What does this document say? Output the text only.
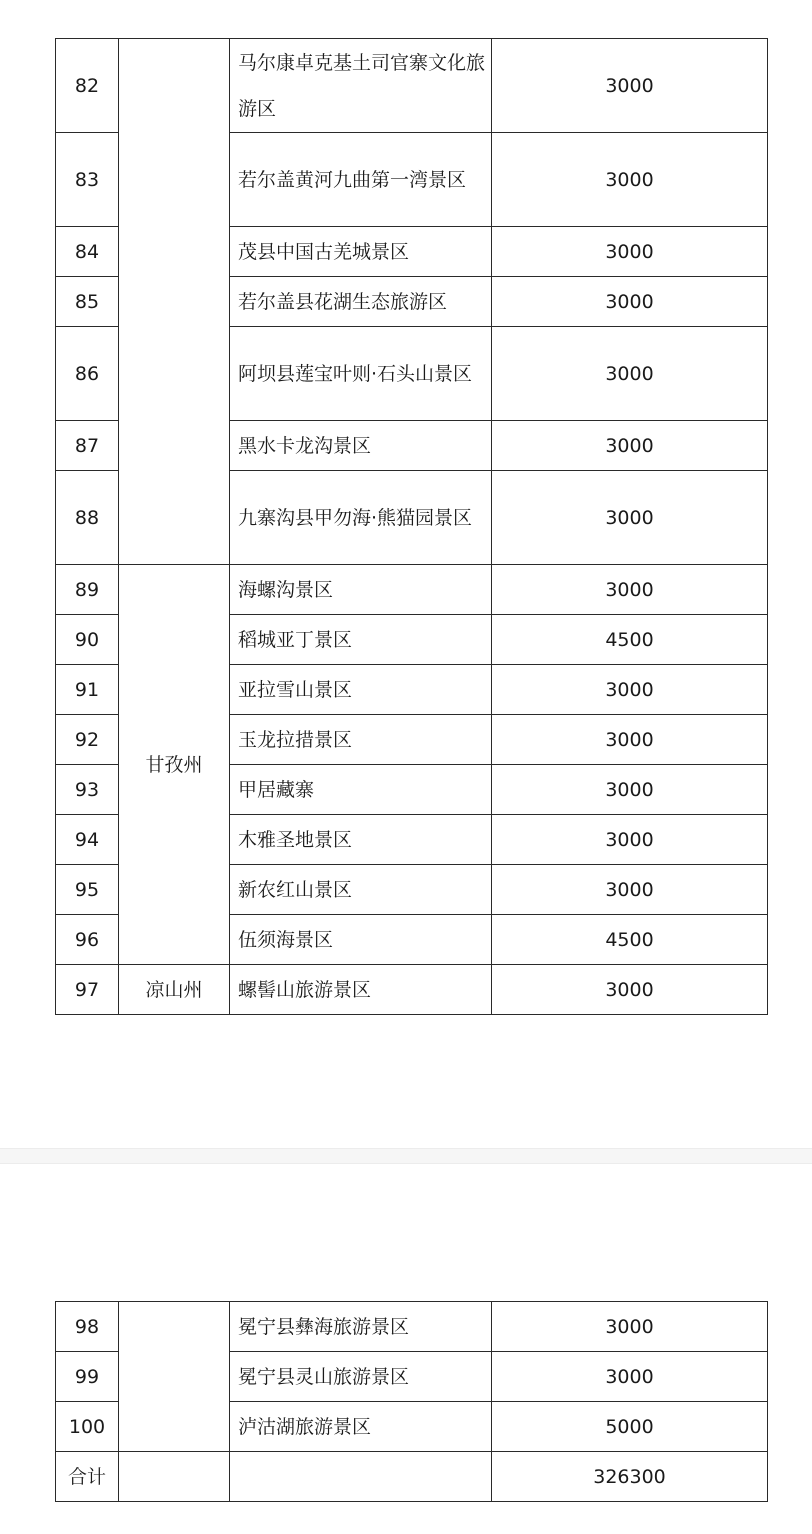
82		马尔康卓克基土司官寨文化旅游区	3000
83		若尔盖黄河九曲第一湾景区	3000
84		茂县中国古羌城景区	3000
85		若尔盖县花湖生态旅游区	3000
86		阿坝县莲宝叶则·石头山景区	3000
87		黑水卡龙沟景区	3000
88		九寨沟县甲勿海·熊猫园景区	3000
89	甘孜州	海螺沟景区	3000
90		稻城亚丁景区	4500
91		亚拉雪山景区	3000
92		玉龙拉措景区	3000
93		甲居藏寨	3000
94		木雅圣地景区	3000
95		新农红山景区	3000
96		伍须海景区	4500
97	凉山州	螺髻山旅游景区	3000
98		冕宁县彝海旅游景区	3000
99		冕宁县灵山旅游景区	3000
100		泸沽湖旅游景区	5000
合计			326300
